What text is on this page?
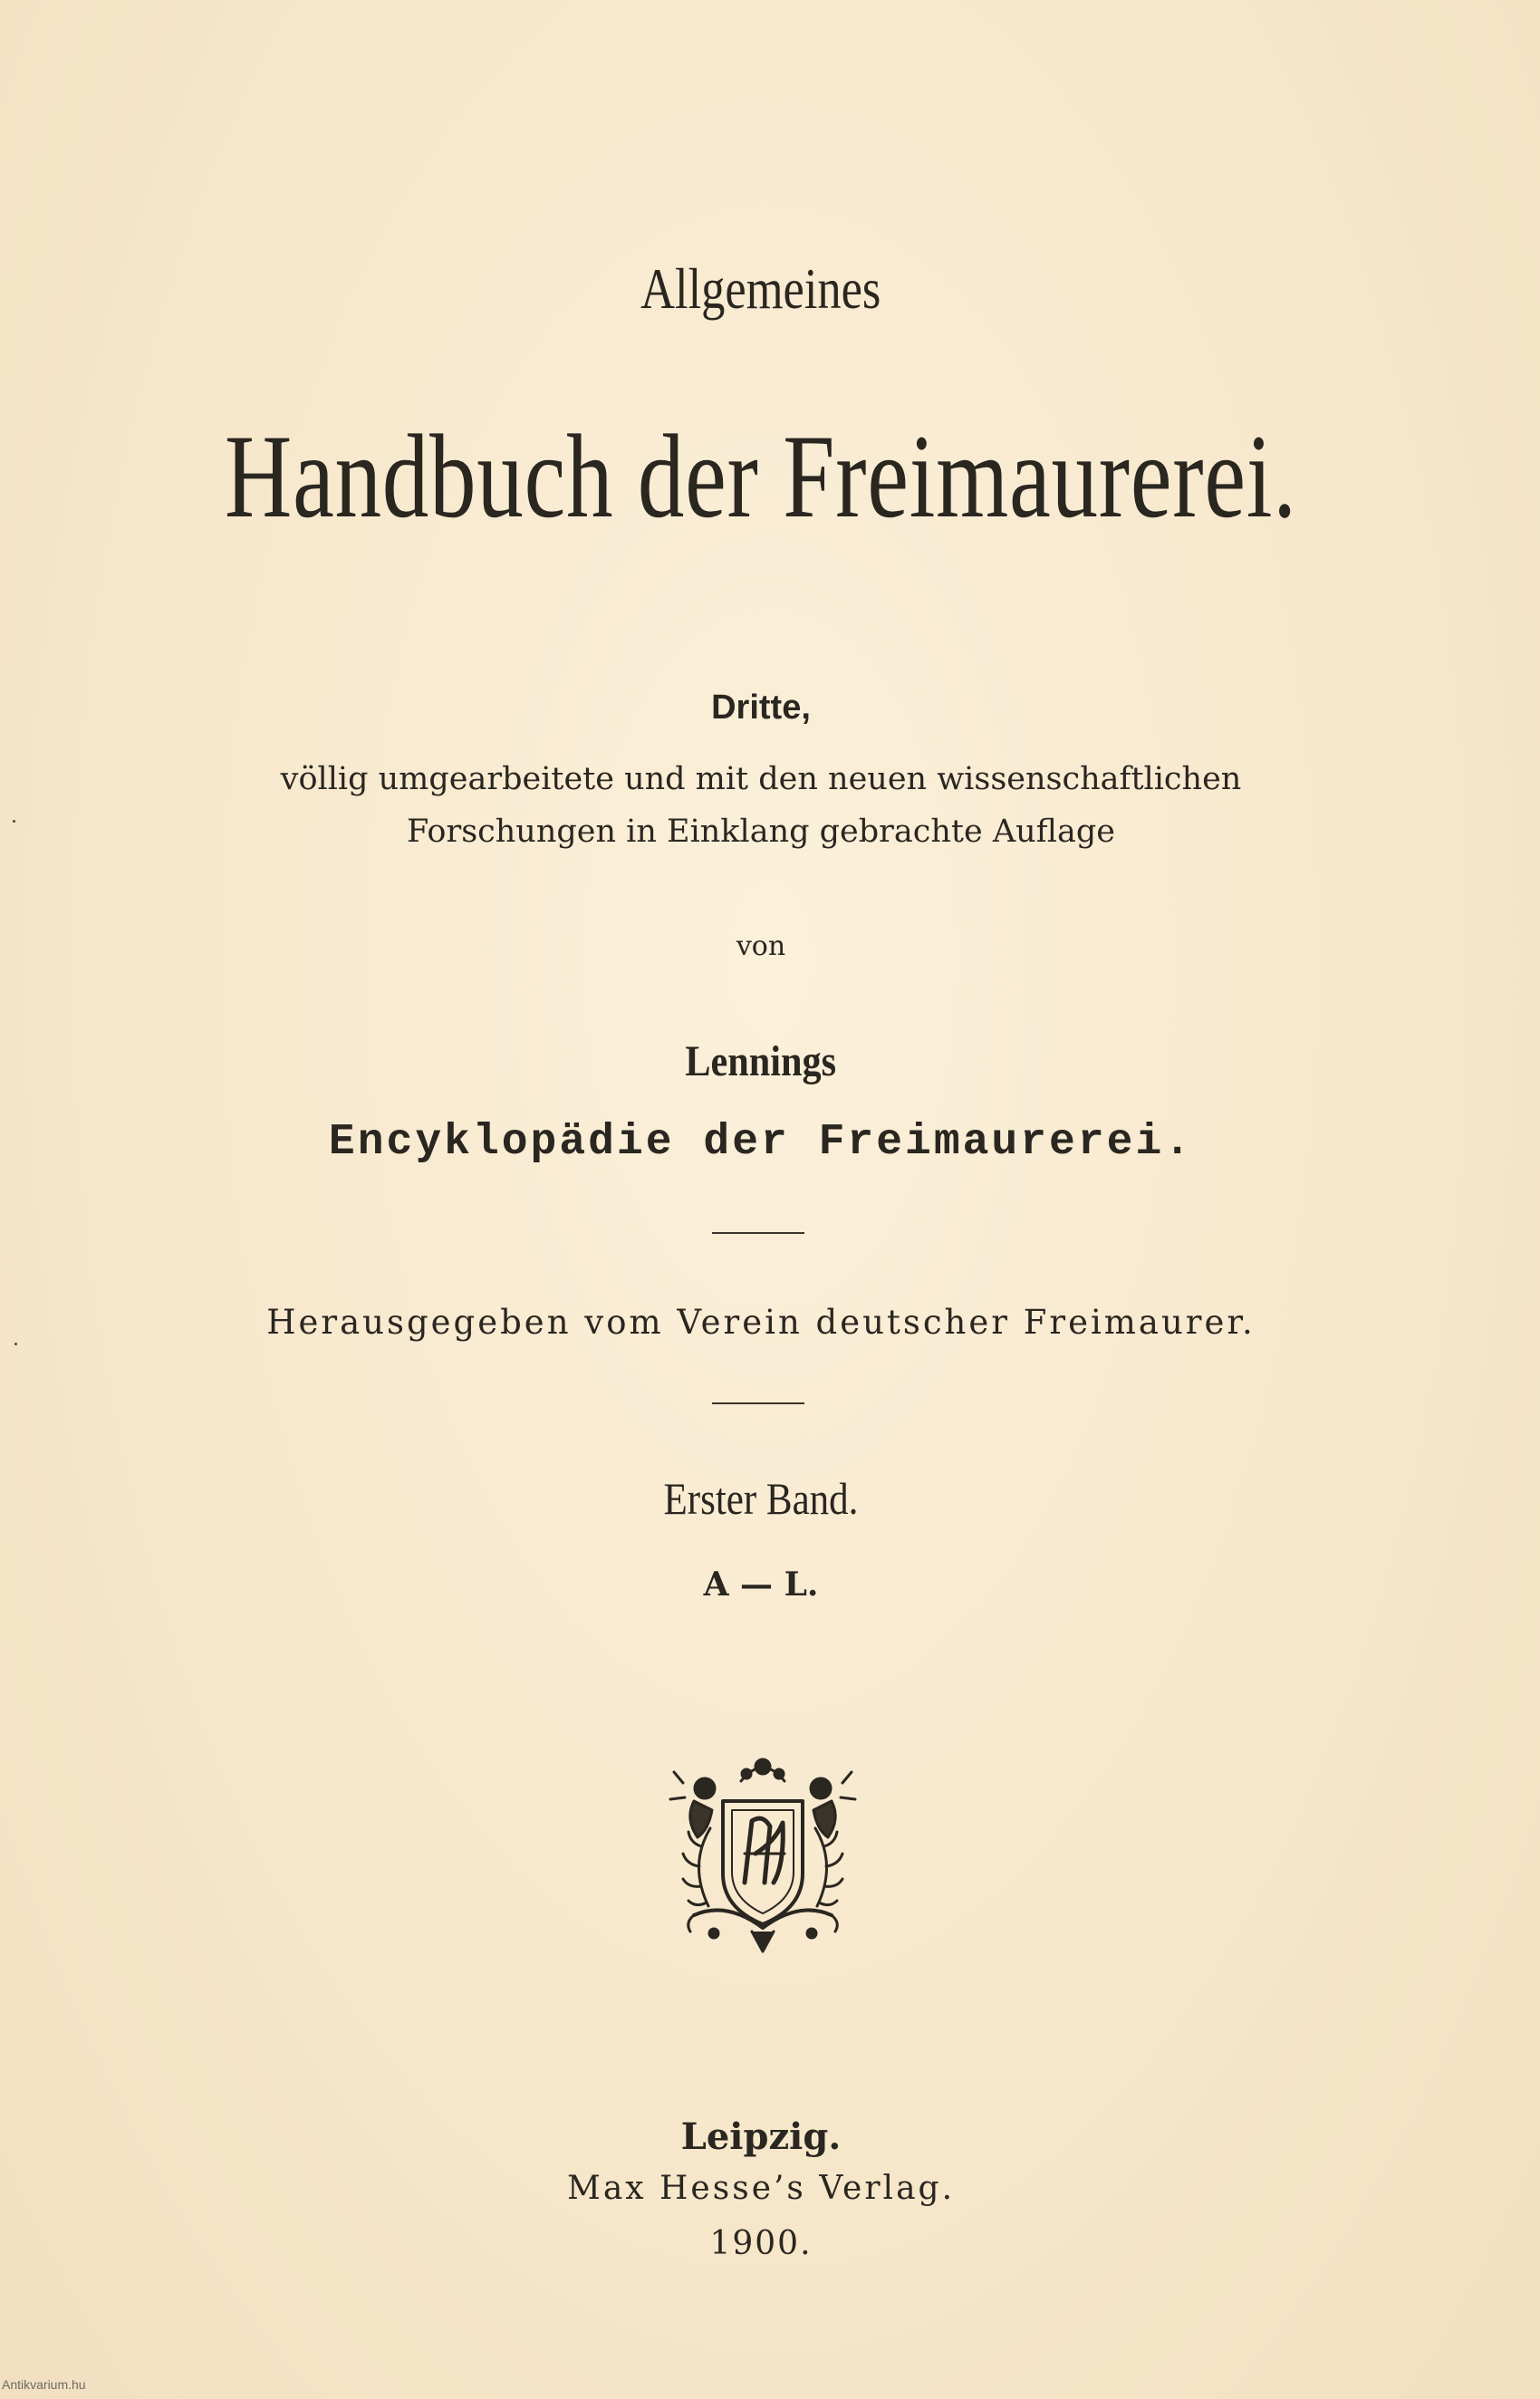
Allgemeines
Handbuch der Freimaurerei.
Dritte,
völlig umgearbeitete und mit den neuen wissenschaftlichen
Forschungen in Einklang gebrachte Auflage
von
Lennings
Encyklopädie der Freimaurerei.
Herausgegeben vom Verein deutscher Freimaurer.
Erster Band.
A — L.
Leipzig.
Max Hesse’s Verlag.
1900.
Antikvarium.hu
